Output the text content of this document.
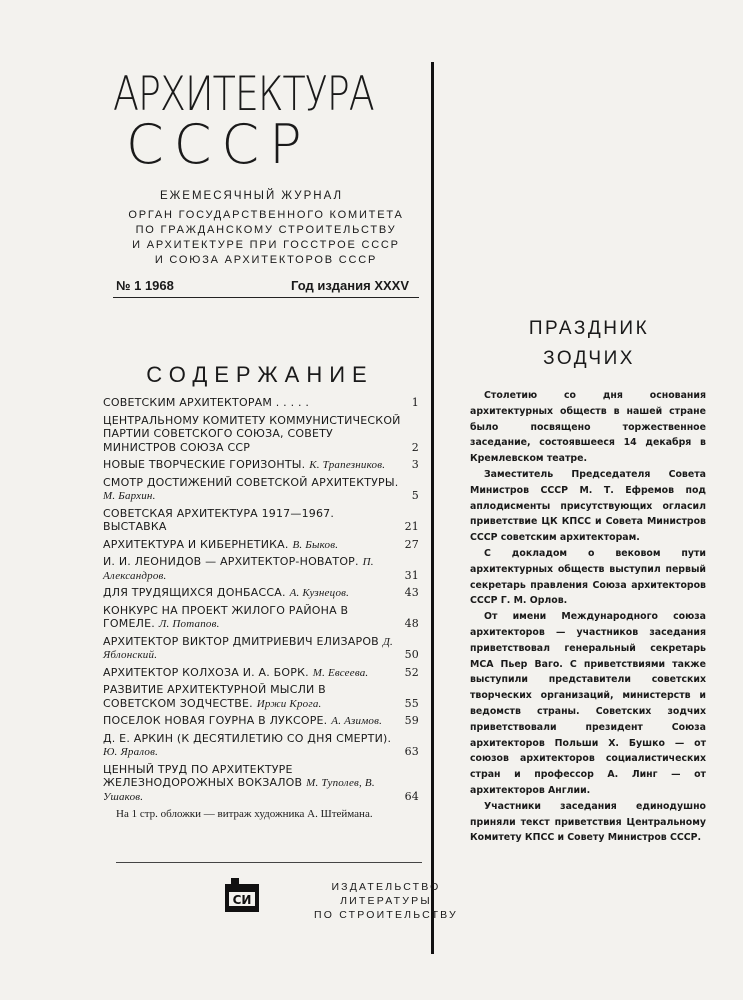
АРХИТЕКТУРА
СССР
ЕЖЕМЕСЯЧНЫЙ ЖУРНАЛ
ОРГАН ГОСУДАРСТВЕННОГО КОМИТЕТА
ПО ГРАЖДАНСКОМУ СТРОИТЕЛЬСТВУ
И АРХИТЕКТУРЕ ПРИ ГОССТРОЕ СССР
И СОЮЗА АРХИТЕКТОРОВ СССР
№ 1 1968	Год издания XXXV
СОДЕРЖАНИЕ
СОВЕТСКИМ АРХИТЕКТОРАМ . . . . .	1
ЦЕНТРАЛЬНОМУ КОМИТЕТУ КОММУНИСТИЧЕСКОЙ ПАРТИИ СОВЕТСКОГО СОЮЗА, СОВЕТУ МИНИСТРОВ СОЮЗА ССР	2
НОВЫЕ ТВОРЧЕСКИЕ ГОРИЗОНТЫ. К. Трапезников. 3
СМОТР ДОСТИЖЕНИЙ СОВЕТСКОЙ АРХИТЕКТУРЫ. М. Бархин.	5
СОВЕТСКАЯ АРХИТЕКТУРА 1917—1967. ВЫСТАВКА	21
АРХИТЕКТУРА И КИБЕРНЕТИКА. В. Быков.	27
И. И. ЛЕОНИДОВ — АРХИТЕКТОР-НОВАТОР. П. Александров.	31
ДЛЯ ТРУДЯЩИХСЯ ДОНБАССА. А. Кузнецов.	43
КОНКУРС НА ПРОЕКТ ЖИЛОГО РАЙОНА В ГОМЕЛЕ. Л. Потапов.	48
АРХИТЕКТОР ВИКТОР ДМИТРИЕВИЧ ЕЛИЗАРОВ Д. Яблонский.	50
АРХИТЕКТОР КОЛХОЗА И. А. БОРК. М. Евсеева.	52
РАЗВИТИЕ АРХИТЕКТУРНОЙ МЫСЛИ В СОВЕТСКОМ ЗОДЧЕСТВЕ. Иржи Крога.	55
ПОСЕЛОК НОВАЯ ГОУРНА В ЛУКСОРЕ. А. Азимов. 59
Д. Е. АРКИН (К ДЕСЯТИЛЕТИЮ СО ДНЯ СМЕРТИ). Ю. Яралов.	63
ЦЕННЫЙ ТРУД ПО АРХИТЕКТУРЕ ЖЕЛЕЗНОДОРОЖНЫХ ВОКЗАЛОВ М. Туполев, В. Ушаков.	64
На 1 стр. обложки — витраж художника А. Штеймана.
СИ
ИЗДАТЕЛЬСТВО
ЛИТЕРАТУРЫ
ПО СТРОИТЕЛЬСТВУ
ПРАЗДНИК
ЗОДЧИХ

Столетию со дня основания архитектурных обществ в нашей стране было посвящено торжественное заседание, состоявшееся 14 декабря в Кремлевском театре.

Заместитель Председателя Совета Министров СССР М. Т. Ефремов под аплодисменты присутствующих огласил приветствие ЦК КПСС и Совета Министров СССР советским архитекторам.

С докладом о вековом пути архитектурных обществ выступил первый секретарь правления Союза архитекторов СССР Г. М. Орлов.

От имени Международного союза архитекторов — участников заседания приветствовал генеральный секретарь МСА Пьер Ваго. С приветствиями также выступили представители советских творческих организаций, министерств и ведомств страны. Советских зодчих приветствовали президент Союза архитекторов Польши Х. Бушко — от союзов архитекторов социалистических стран и профессор А. Линг — от архитекторов Англии.

Участники заседания единодушно приняли текст приветствия Центральному Комитету КПСС и Совету Министров СССР.
